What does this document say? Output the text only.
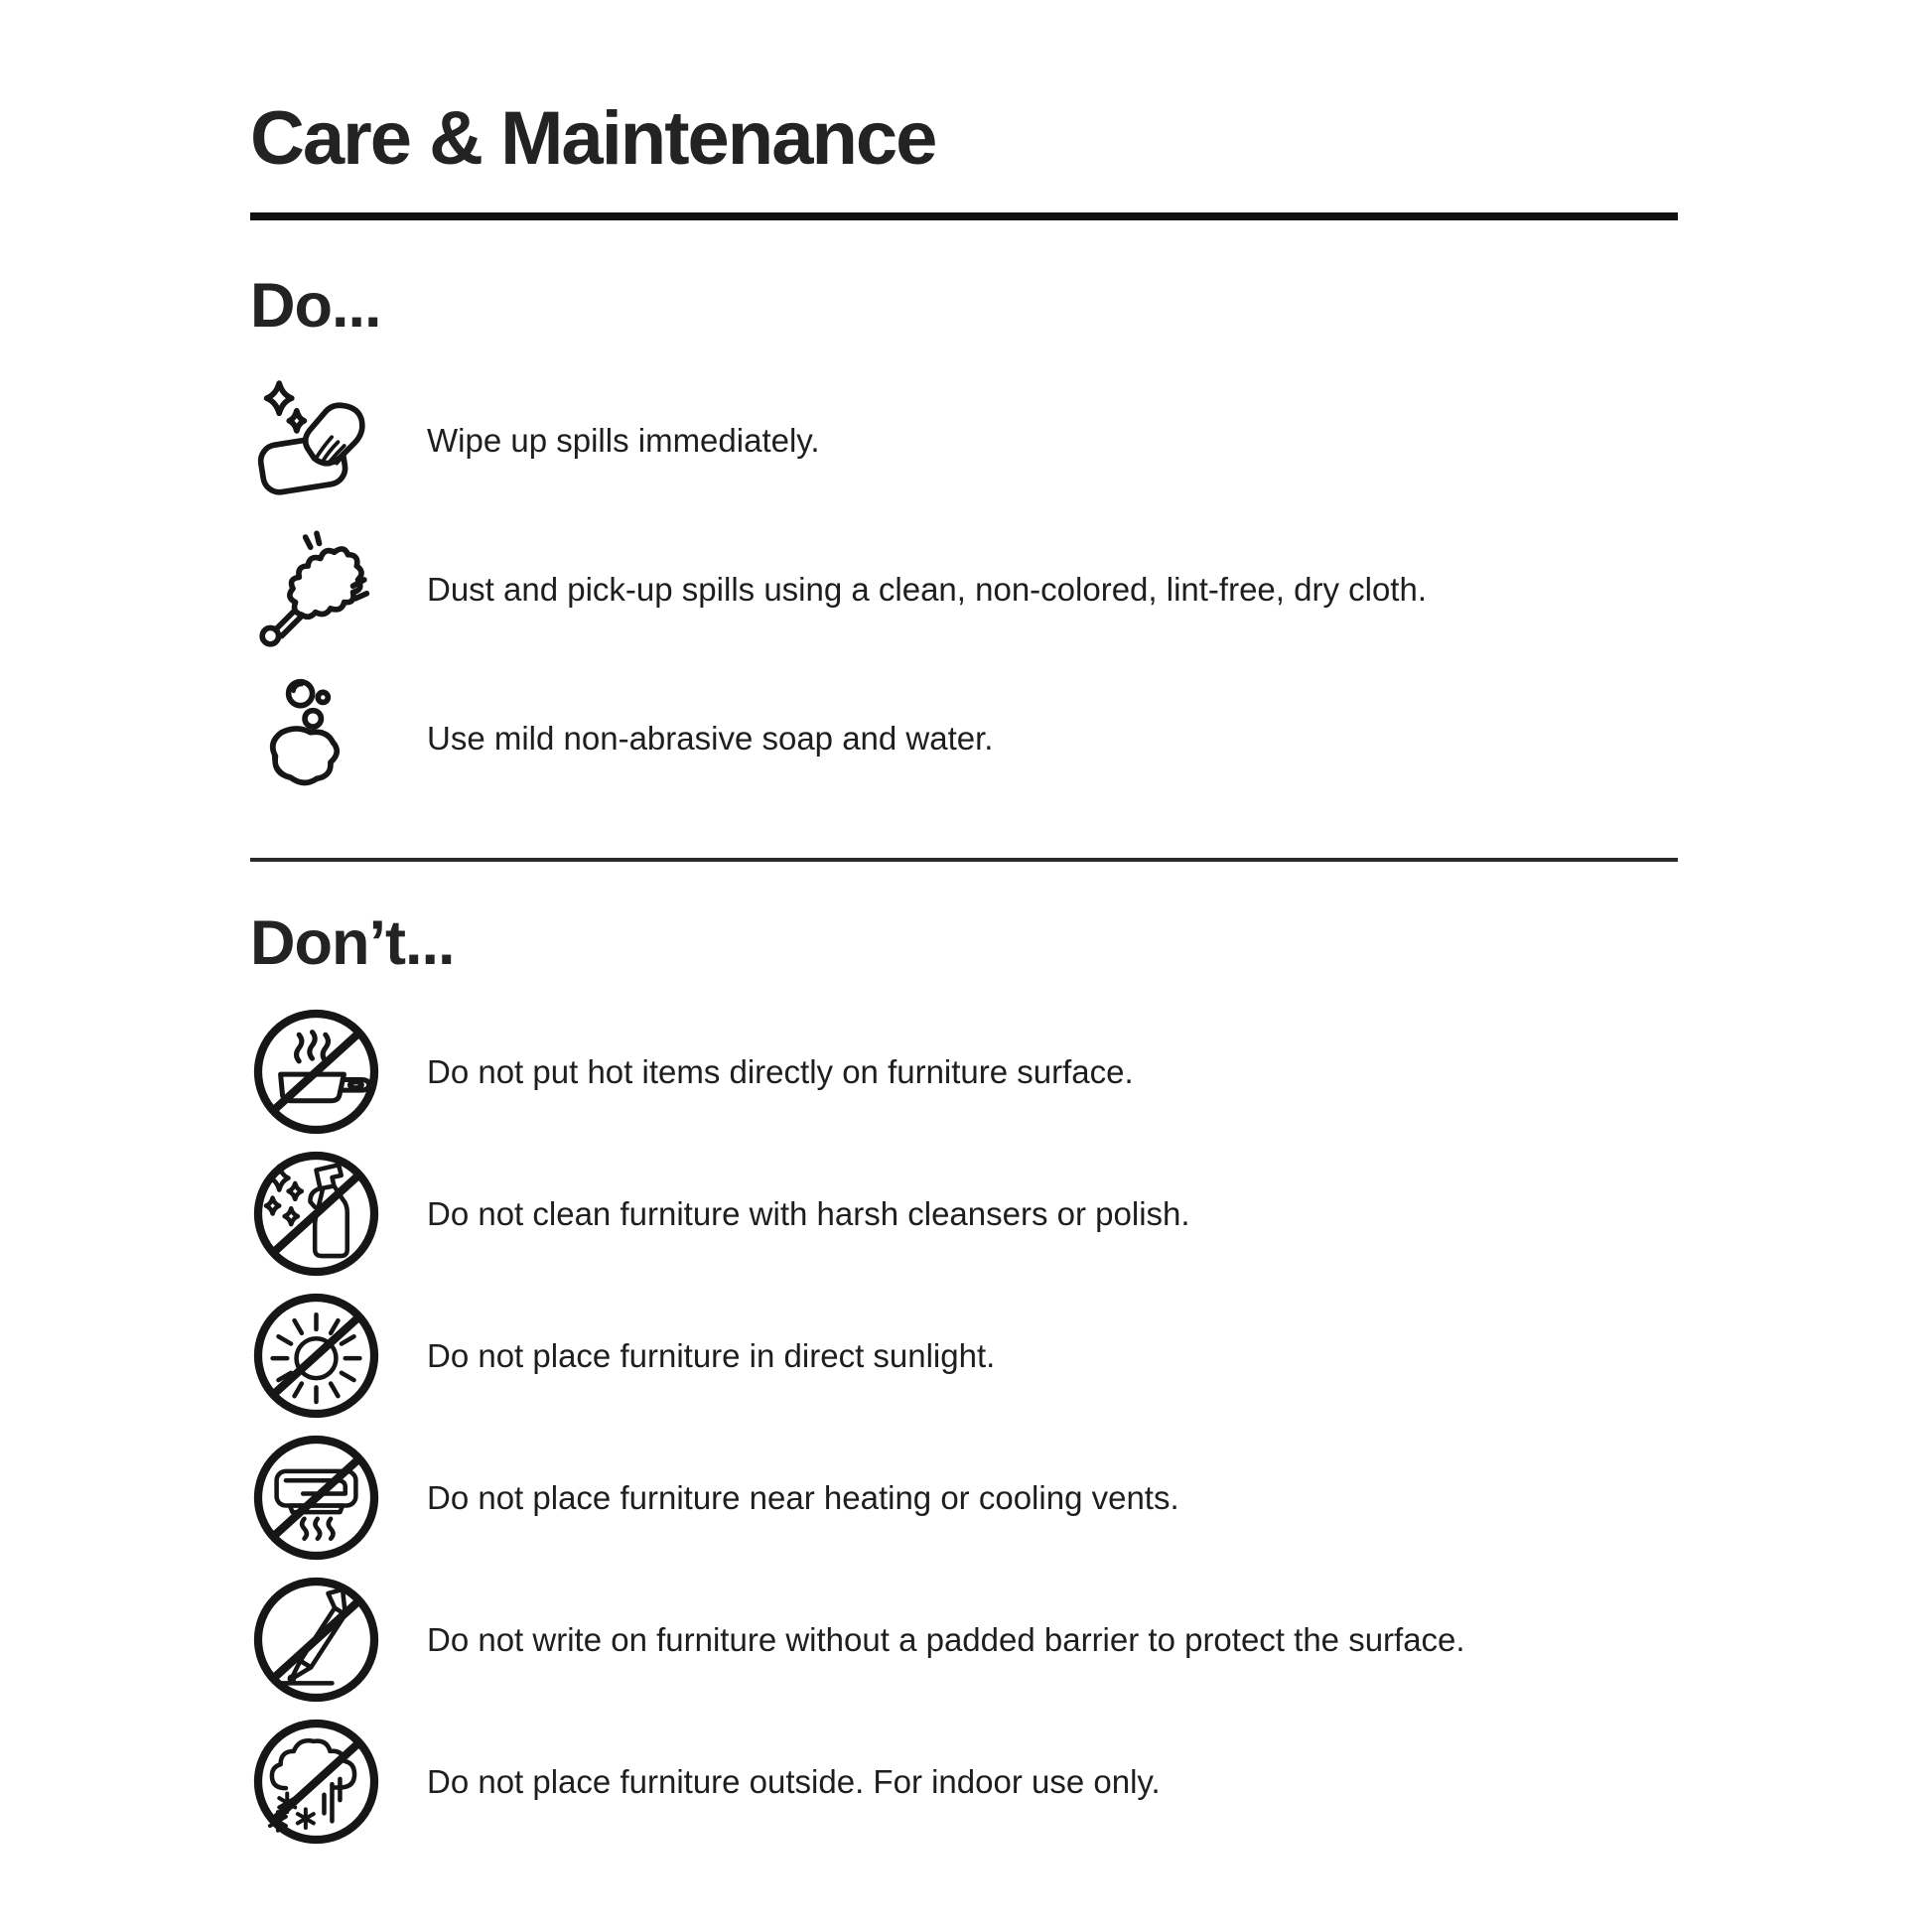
Care & Maintenance
Do...

Wipe up spills immediately.

Dust and pick-up spills using a clean, non-colored, lint-free, dry cloth.

Use mild non-abrasive soap and water.

Don’t...

Do not put hot items directly on furniture surface.

Do not clean furniture with harsh cleansers or polish.

Do not place furniture in direct sunlight.

Do not place furniture near heating or cooling vents.

Do not write on furniture without a padded barrier to protect the surface.

Do not place furniture outside. For indoor use only.
